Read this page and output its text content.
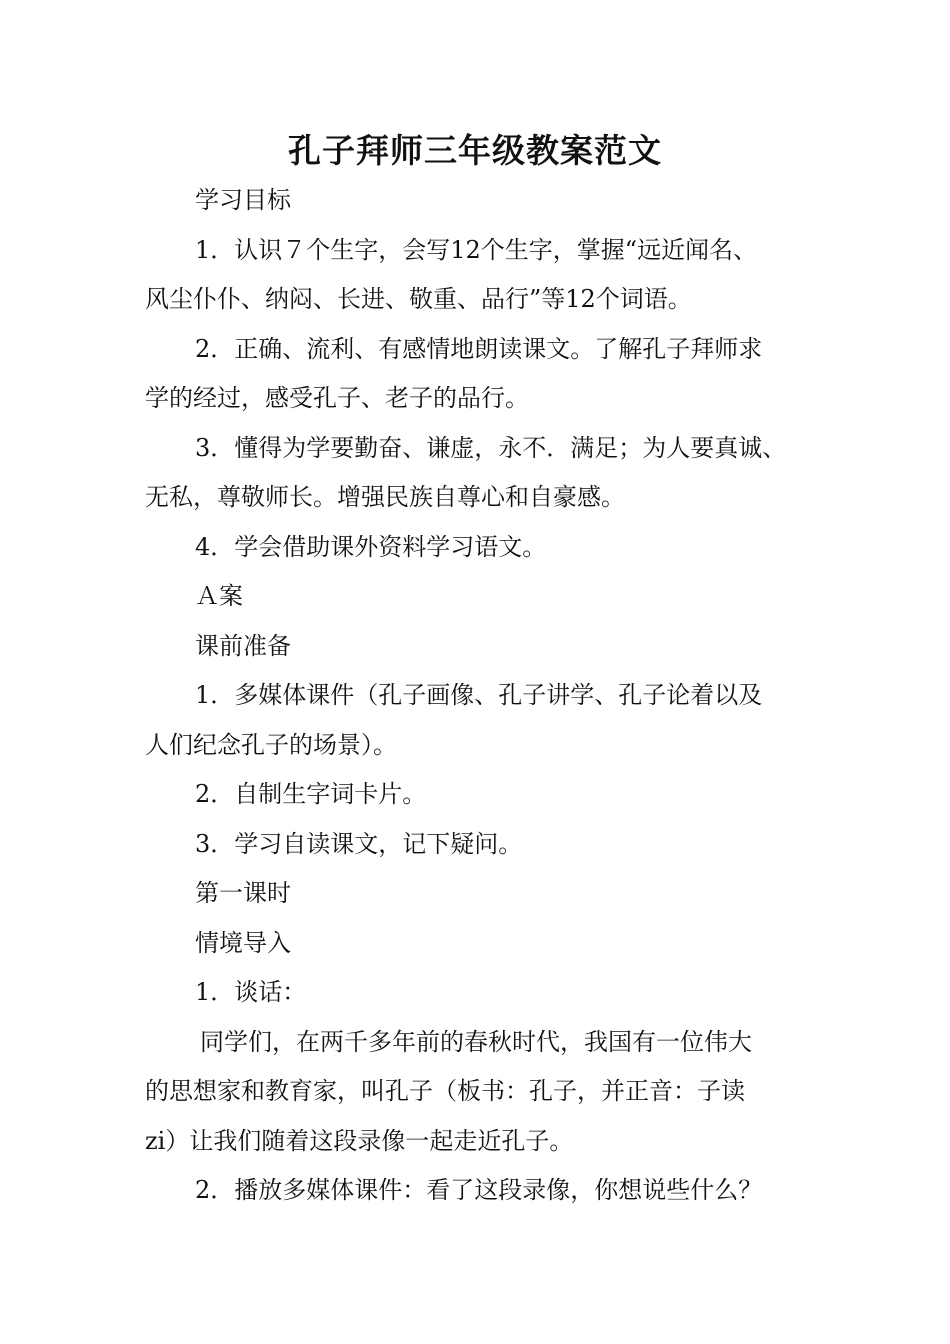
孔子拜师三年级教案范文

学习目标

1．认识７个生字，会写12个生字，掌握“远近闻名、

风尘仆仆、纳闷、长进、敬重、品行”等12个词语。

2．正确、流利、有感情地朗读课文。了解孔子拜师求

学的经过，感受孔子、老子的品行。

3．懂得为学要勤奋、谦虚，永不．满足；为人要真诚、

无私，尊敬师长。增强民族自尊心和自豪感。

4．学会借助课外资料学习语文。

Ａ案

课前准备

1．多媒体课件（孔子画像、孔子讲学、孔子论着以及

人们纪念孔子的场景）。

2．自制生字词卡片。

3．学习自读课文，记下疑问。

第一课时

情境导入

1．谈话：

同学们，在两千多年前的春秋时代，我国有一位伟大

的思想家和教育家，叫孔子（板书：孔子，并正音：子读

zi）让我们随着这段录像一起走近孔子。

2．播放多媒体课件：看了这段录像，你想说些什么？
